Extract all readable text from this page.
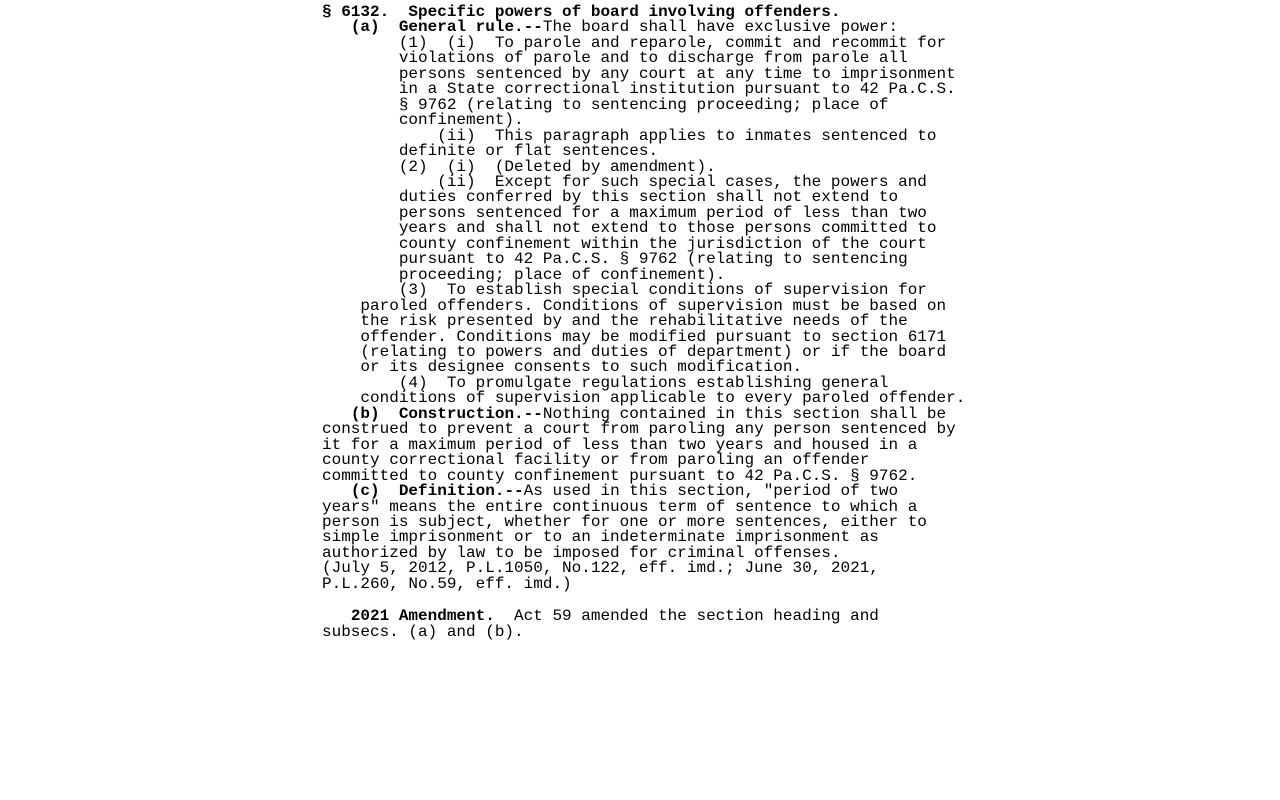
§ 6132. Specific powers of board involving offenders.
(a) General rule.--The board shall have exclusive power:
(1)  (i)  To parole and reparole, commit and recommit for
violations of parole and to discharge from parole all
persons sentenced by any court at any time to imprisonment
in a State correctional institution pursuant to 42 Pa.C.S.
§ 9762 (relating to sentencing proceeding; place of
confinement).
(ii)  This paragraph applies to inmates sentenced to
definite or flat sentences.
(2)  (i)  (Deleted by amendment).
(ii)  Except for such special cases, the powers and
duties conferred by this section shall not extend to
persons sentenced for a maximum period of less than two
years and shall not extend to those persons committed to
county confinement within the jurisdiction of the court
pursuant to 42 Pa.C.S. § 9762 (relating to sentencing
proceeding; place of confinement).
(3)  To establish special conditions of supervision for
paroled offenders. Conditions of supervision must be based on
the risk presented by and the rehabilitative needs of the
offender. Conditions may be modified pursuant to section 6171
(relating to powers and duties of department) or if the board
or its designee consents to such modification.
(4)  To promulgate regulations establishing general
conditions of supervision applicable to every paroled offender.
(b) Construction.--Nothing contained in this section shall be
construed to prevent a court from paroling any person sentenced by
it for a maximum period of less than two years and housed in a
county correctional facility or from paroling an offender
committed to county confinement pursuant to 42 Pa.C.S. § 9762.
(c) Definition.--As used in this section, "period of two
years" means the entire continuous term of sentence to which a
person is subject, whether for one or more sentences, either to
simple imprisonment or to an indeterminate imprisonment as
authorized by law to be imposed for criminal offenses.
(July 5, 2012, P.L.1050, No.122, eff. imd.; June 30, 2021,
P.L.260, No.59, eff. imd.)
2021 Amendment.  Act 59 amended the section heading and
subsecs. (a) and (b).
